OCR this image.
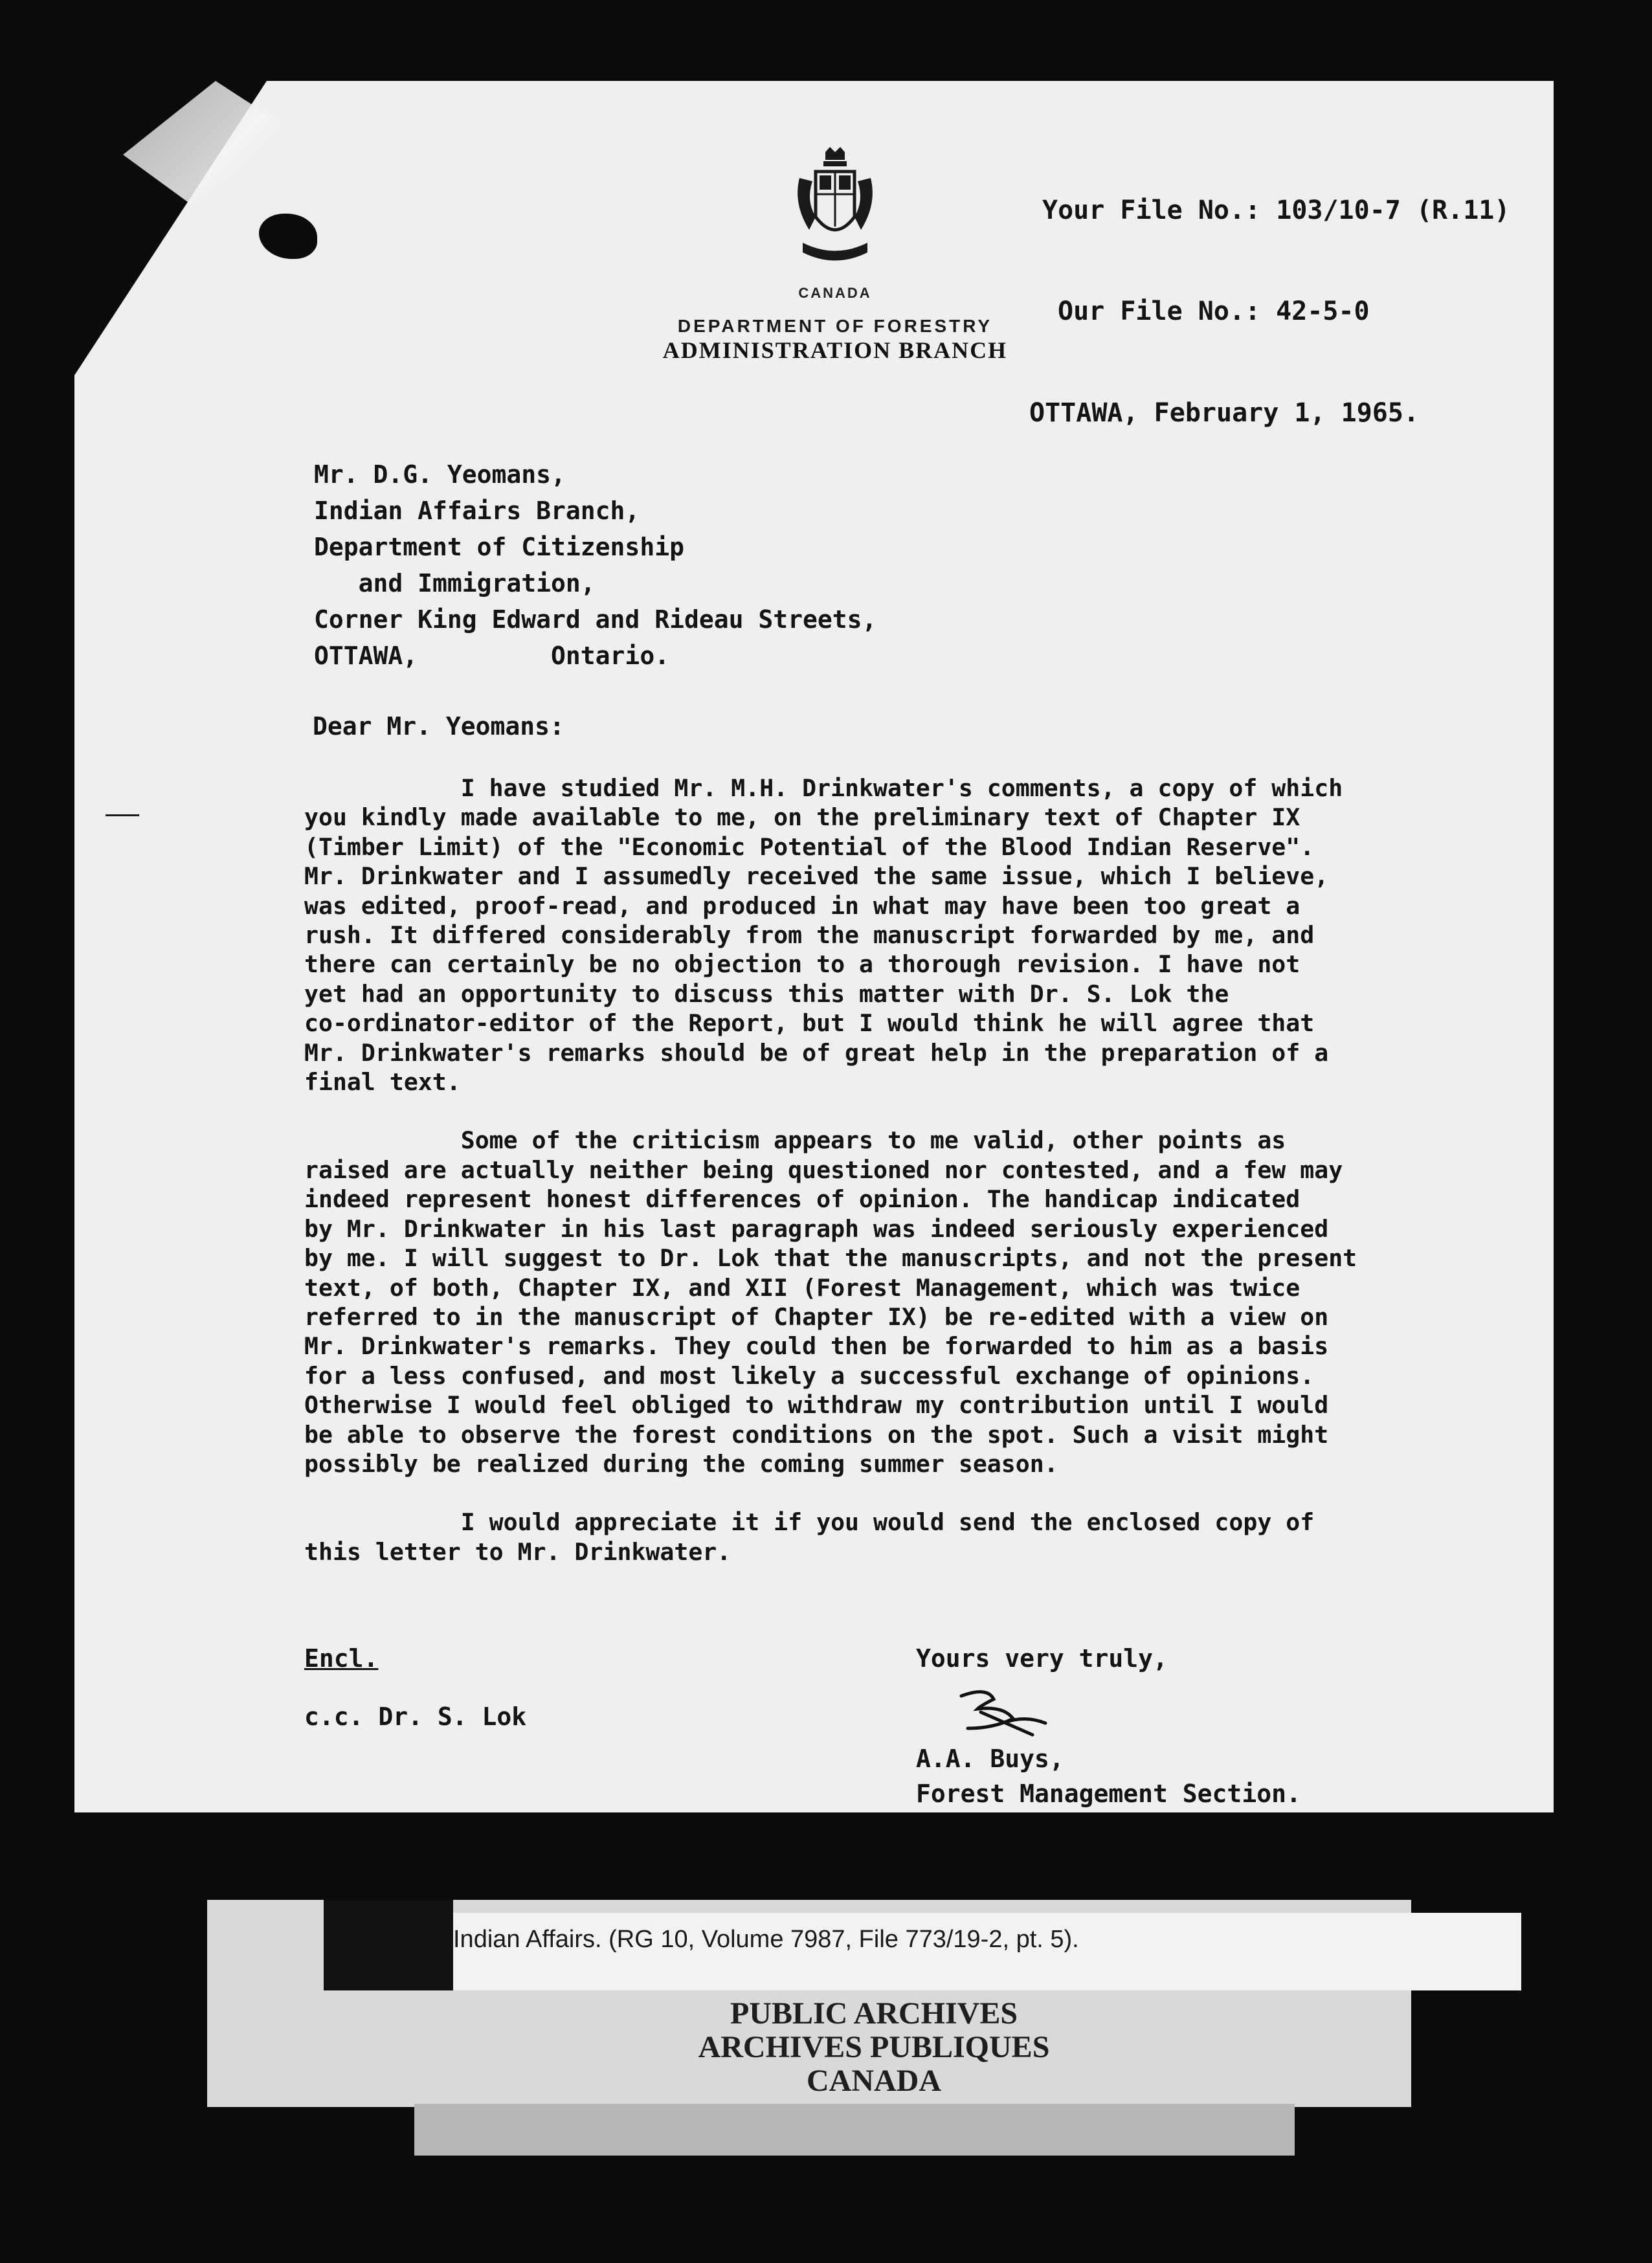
Your File No.: 103/10-7 (R.11)

Our File No.: 42-5-0

CANADA
DEPARTMENT OF FORESTRY
ADMINISTRATION BRANCH
OTTAWA, February 1, 1965.
Mr. D.G. Yeomans,
Indian Affairs Branch,
Department of Citizenship
and Immigration,
Corner King Edward and Rideau Streets,
OTTAWA,         Ontario.
Dear Mr. Yeomans:
I have studied Mr. M.H. Drinkwater's comments, a copy of which
you kindly made available to me, on the preliminary text of Chapter IX
(Timber Limit) of the "Economic Potential of the Blood Indian Reserve".
Mr. Drinkwater and I assumedly received the same issue, which I believe,
was edited, proof-read, and produced in what may have been too great a
rush. It differed considerably from the manuscript forwarded by me, and
there can certainly be no objection to a thorough revision. I have not
yet had an opportunity to discuss this matter with Dr. S. Lok the
co-ordinator-editor of the Report, but I would think he will agree that
Mr. Drinkwater's remarks should be of great help in the preparation of a
final text.
Some of the criticism appears to me valid, other points as
raised are actually neither being questioned nor contested, and a few may
indeed represent honest differences of opinion. The handicap indicated
by Mr. Drinkwater in his last paragraph was indeed seriously experienced
by me. I will suggest to Dr. Lok that the manuscripts, and not the present
text, of both, Chapter IX, and XII (Forest Management, which was twice
referred to in the manuscript of Chapter IX) be re-edited with a view on
Mr. Drinkwater's remarks. They could then be forwarded to him as a basis
for a less confused, and most likely a successful exchange of opinions.
Otherwise I would feel obliged to withdraw my contribution until I would
be able to observe the forest conditions on the spot. Such a visit might
possibly be realized during the coming summer season.
I would appreciate it if you would send the enclosed copy of
this letter to Mr. Drinkwater.
Encl.
c.c. Dr. S. Lok
Yours very truly,
A.A. Buys,
Forest Management Section.
Indian Affairs. (RG 10, Volume 7987, File 773/19-2, pt. 5).
PUBLIC ARCHIVES
ARCHIVES PUBLIQUES
CANADA
